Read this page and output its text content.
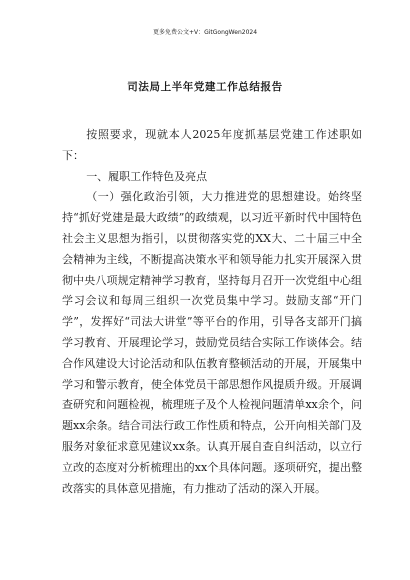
更多免费公文+V：GitGongWen2024
司法局上半年党建工作总结报告

按照要求，现就本人2025年度抓基层党建工作述职如下：

一、履职工作特色及亮点

（一）强化政治引领，大力推进党的思想建设。始终坚持“抓好党建是最大政绩”的政绩观，以习近平新时代中国特色社会主义思想为指引，以贯彻落实党的XX大、二十届三中全会精神为主线，不断提高决策水平和领导能力扎实开展深入贯彻中央八项规定精神学习教育，坚持每月召开一次党组中心组学习会议和每周三组织一次党员集中学习。鼓励支部“开门学”，发挥好“司法大讲堂”等平台的作用，引导各支部开门搞学习教育、开展理论学习，鼓励党员结合实际工作谈体会。结合作风建设大讨论活动和队伍教育整顿活动的开展，开展集中学习和警示教育，使全体党员干部思想作风提质升级。开展调查研究和问题检视，梳理班子及个人检视问题清单xx余个，问题xx余条。结合司法行政工作性质和特点，公开向相关部门及服务对象征求意见建议xx条。认真开展自查自纠活动，以立行立改的态度对分析梳理出的xx个具体问题。逐项研究，提出整改落实的具体意见措施，有力推动了活动的深入开展。
